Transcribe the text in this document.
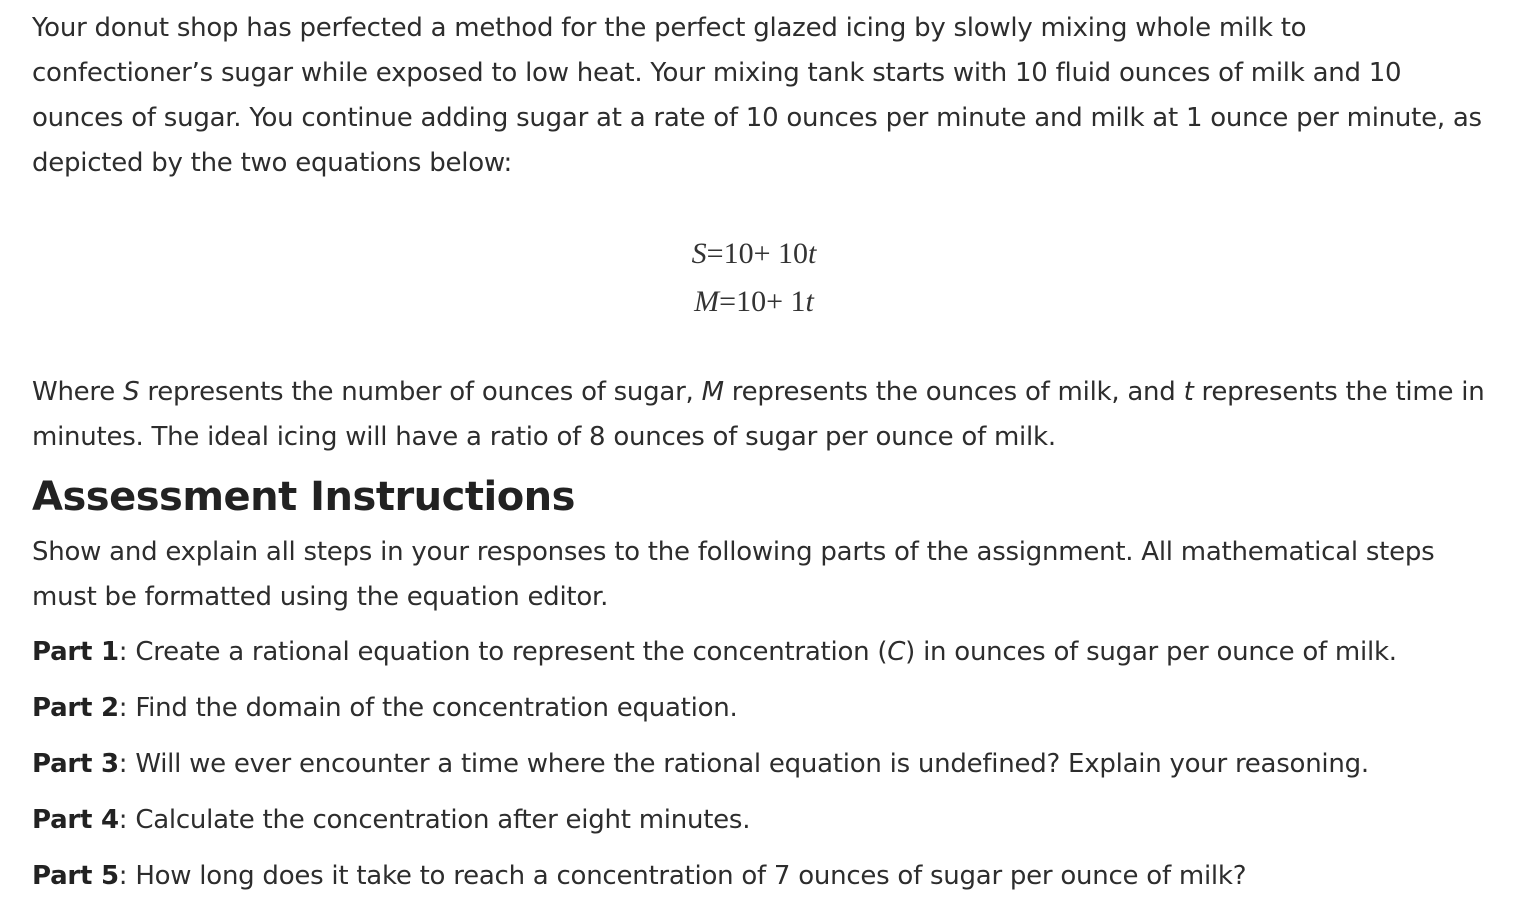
Your donut shop has perfected a method for the perfect glazed icing by slowly mixing whole milk to confectioner’s sugar while exposed to low heat. Your mixing tank starts with 10 fluid ounces of milk and 10 ounces of sugar. You continue adding sugar at a rate of 10 ounces per minute and milk at 1 ounce per minute, as depicted by the two equations below:

S=10+ 10t
M=10+ 1t

Where S represents the number of ounces of sugar, M represents the ounces of milk, and t represents the time in minutes. The ideal icing will have a ratio of 8 ounces of sugar per ounce of milk.

Assessment Instructions

Show and explain all steps in your responses to the following parts of the assignment. All mathematical steps must be formatted using the equation editor.

Part 1: Create a rational equation to represent the concentration (C) in ounces of sugar per ounce of milk.

Part 2: Find the domain of the concentration equation.

Part 3: Will we ever encounter a time where the rational equation is undefined? Explain your reasoning.

Part 4: Calculate the concentration after eight minutes.

Part 5: How long does it take to reach a concentration of 7 ounces of sugar per ounce of milk?
